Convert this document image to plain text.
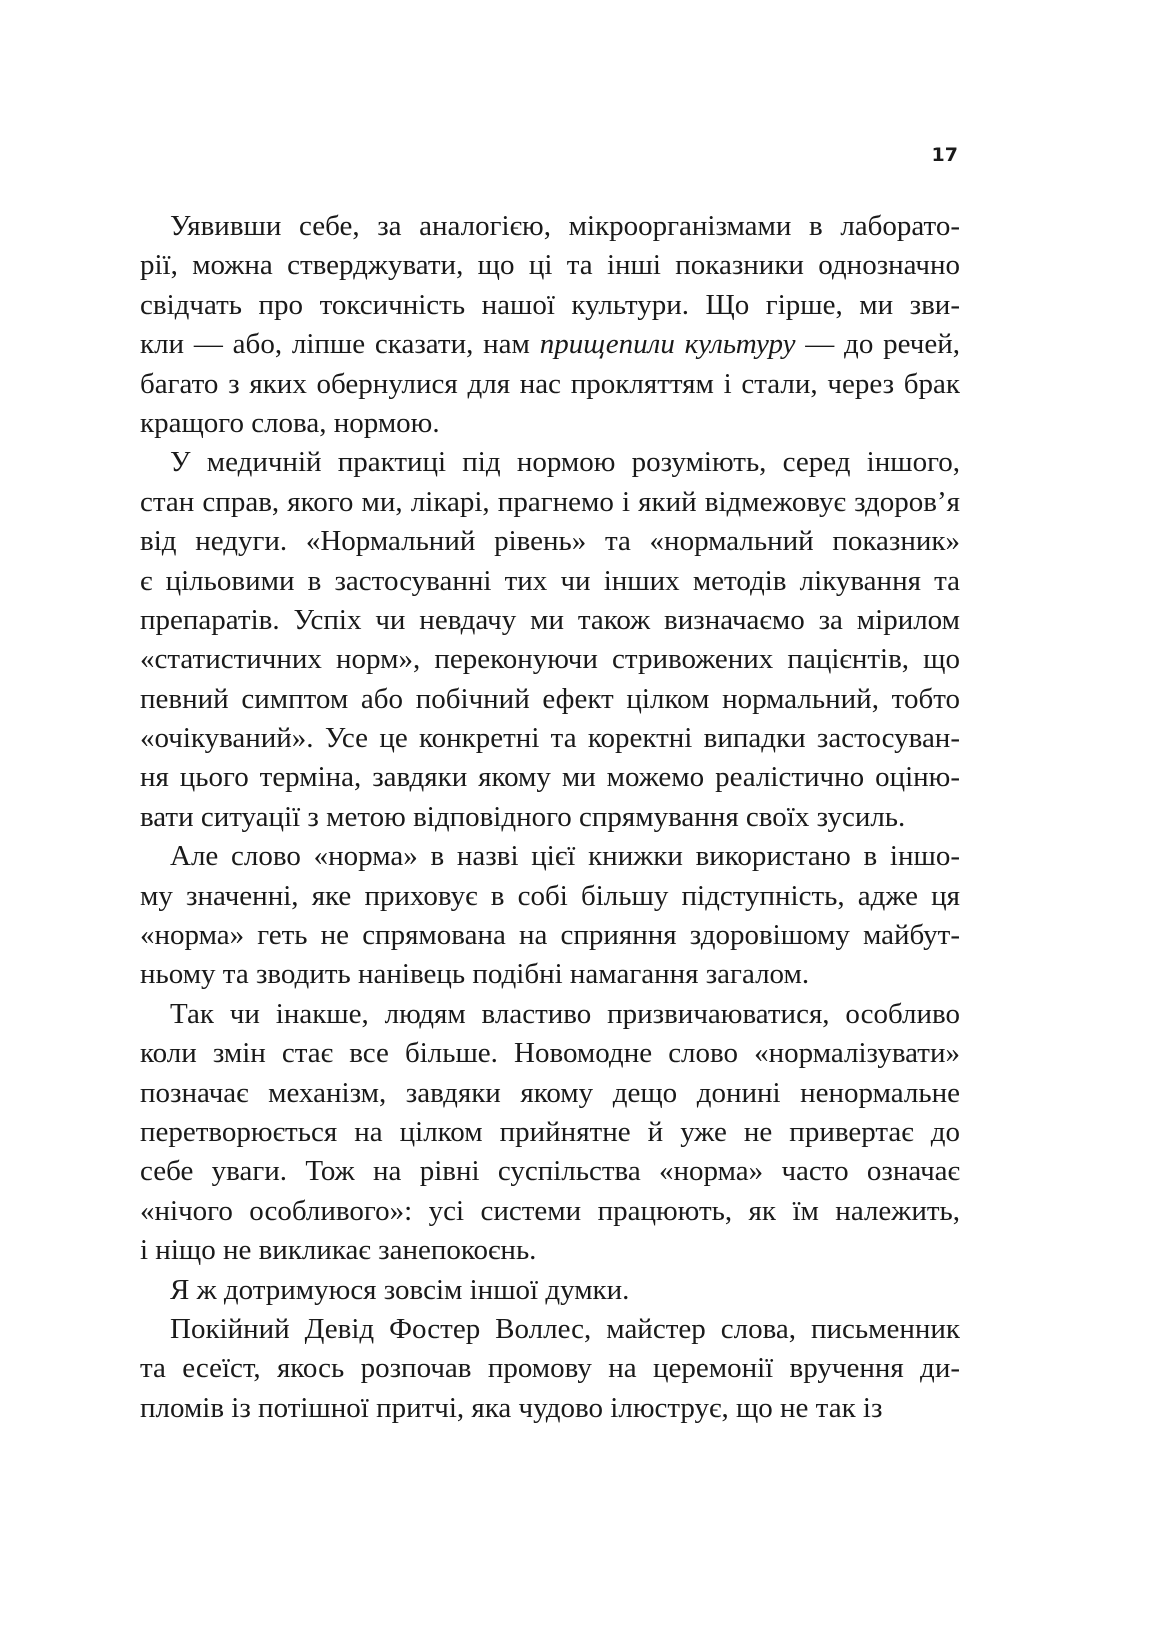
17
Уявивши себе, за аналогією, мікроорганізмами в лаборато-
рії, можна стверджувати, що ці та інші показники однозначно
свідчать про токсичність нашої культури. Що гірше, ми зви-
кли — або, ліпше сказати, нам прищепили культуру — до речей,
багато з яких обернулися для нас прокляттям і стали, через брак
кращого слова, нормою.
У медичній практиці під нормою розуміють, серед іншого,
стан справ, якого ми, лікарі, прагнемо і який відмежовує здоров’я
від недуги. «Нормальний рівень» та «нормальний показник»
є цільовими в застосуванні тих чи інших методів лікування та
препаратів. Успіх чи невдачу ми також визначаємо за мірилом
«статистичних норм», переконуючи стривожених пацієнтів, що
певний симптом або побічний ефект цілком нормальний, тобто
«очікуваний». Усе це конкретні та коректні випадки застосуван-
ня цього терміна, завдяки якому ми можемо реалістично оціню-
вати ситуації з метою відповідного спрямування своїх зусиль.
Але слово «норма» в назві цієї книжки використано в іншо-
му значенні, яке приховує в собі більшу підступність, адже ця
«норма» геть не спрямована на сприяння здоровішому майбут-
ньому та зводить нанівець подібні намагання загалом.
Так чи інакше, людям властиво призвичаюватися, особливо
коли змін стає все більше. Новомодне слово «нормалізувати»
позначає механізм, завдяки якому дещо донині ненормальне
перетворюється на цілком прийнятне й уже не привертає до
себе уваги. Тож на рівні суспільства «норма» часто означає
«нічого особливого»: усі системи працюють, як їм належить,
і ніщо не викликає занепокоєнь.
Я ж дотримуюся зовсім іншої думки.
Покійний Девід Фостер Воллес, майстер слова, письменник
та есеїст, якось розпочав промову на церемонії вручення ди-
пломів із потішної притчі, яка чудово ілюструє, що не так із
